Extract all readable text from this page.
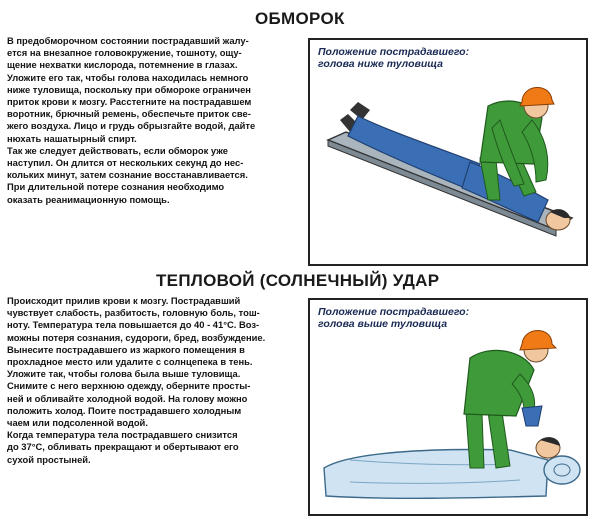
ОБМОРОК
В предобморочном состоянии пострадавший жалу-
ется на внезапное головокружение, тошноту, ощу-
щение нехватки кислорода, потемнение в глазах.
Уложите его так, чтобы голова находилась немного
ниже туловища, поскольку при обмороке ограничен
приток крови к мозгу. Расстегните на пострадавшем
воротник, брючный ремень, обеспечьте приток све-
жего воздуха. Лицо и грудь обрызгайте водой, дайте
нюхать нашатырный спирт.
Так же следует действовать, если обморок уже
наступил. Он длится от нескольких секунд до нес-
кольких минут, затем сознание восстанавливается.
При длительной потере сознания необходимо
оказать реанимационную помощь.
Положение пострадавшего:
голова ниже туловища
ТЕПЛОВОЙ (СОЛНЕЧНЫЙ) УДАР
Происходит прилив крови к мозгу. Пострадавший
чувствует слабость, разбитость, головную боль, тош-
ноту. Температура тела повышается до 40 - 41°С. Воз-
можны потеря сознания, судороги, бред, возбуждение.
Вынесите пострадавшего из жаркого помещения в
прохладное место или удалите с солнцепека в тень.
Уложите так, чтобы голова была выше туловища.
Снимите с него верхнюю одежду, оберните просты-
ней и обливайте холодной водой. На голову можно
положить холод. Поите пострадавшего холодным
чаем или подсоленной водой.
Когда температура тела пострадавшего снизится
до 37°С, обливать прекращают и обертывают его
сухой простыней.
Положение пострадавшего:
голова выше туловища
